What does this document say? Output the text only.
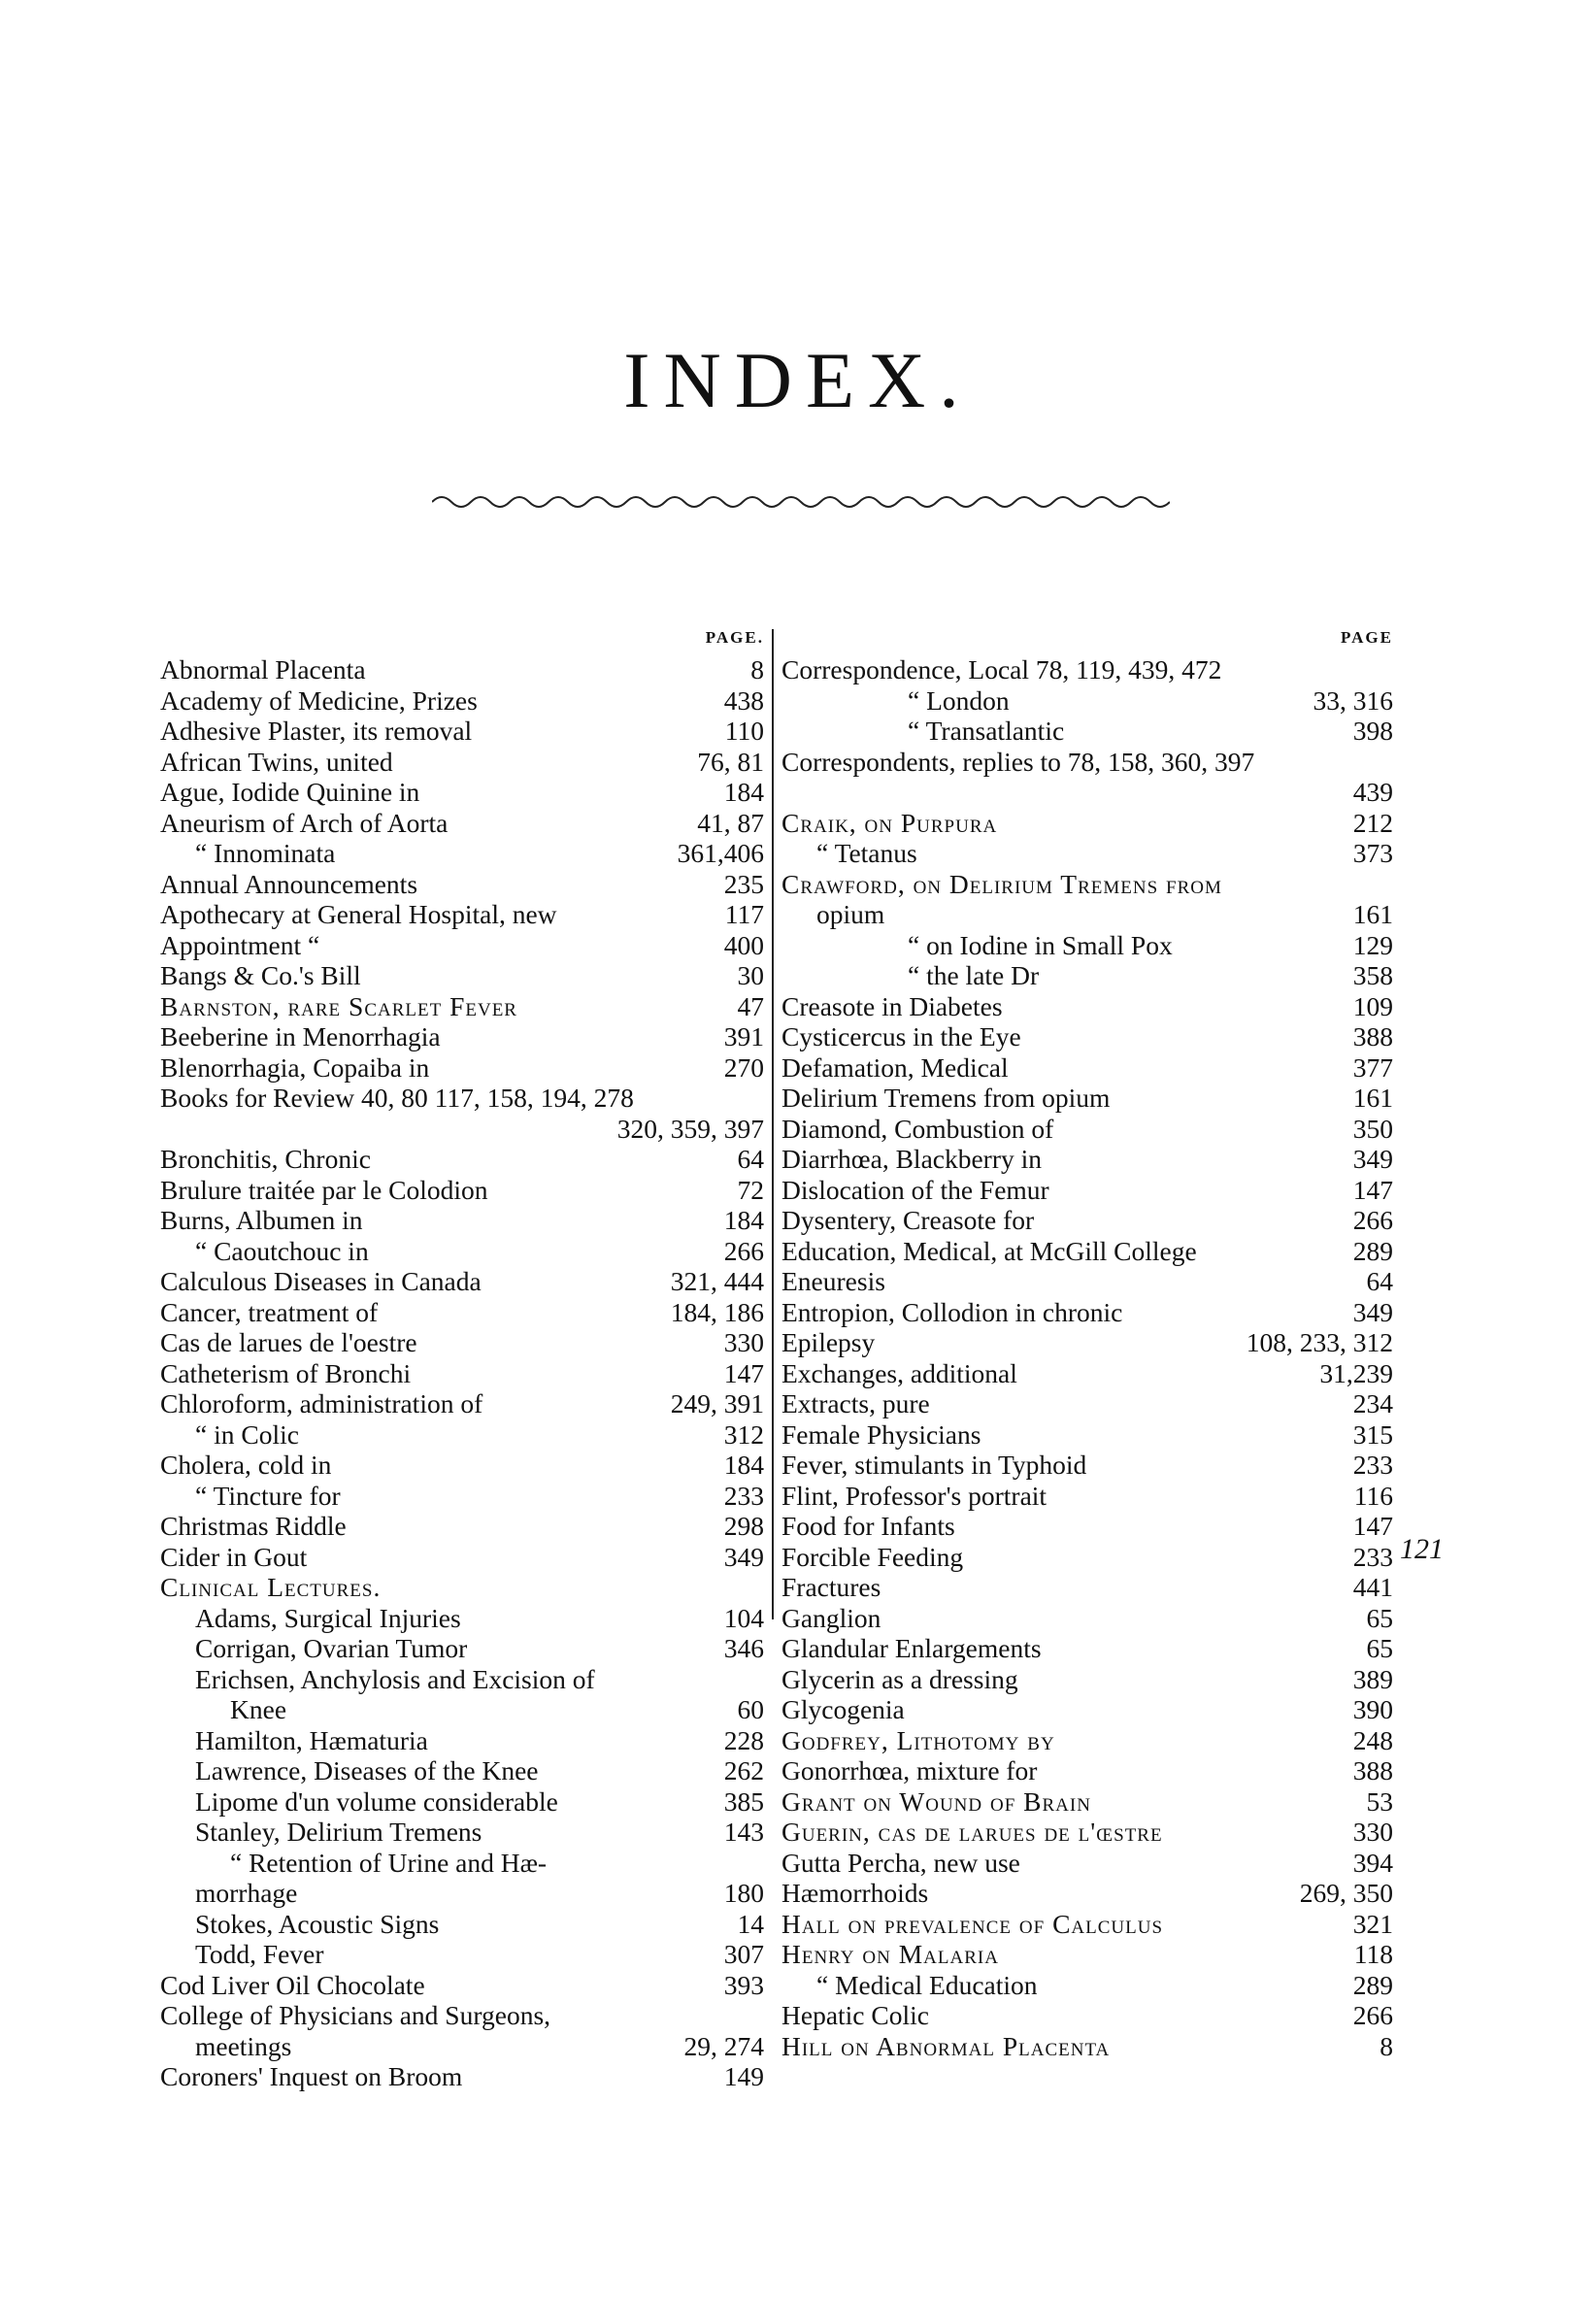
INDEX.
PAGE.
Abnormal Placenta	8
Academy of Medicine, Prizes	438
Adhesive Plaster, its removal	110
African Twins, united	76, 81
Ague, Iodide Quinine in	184
Aneurism of Arch of Aorta	41, 87
“ Innominata	361,406
Annual Announcements	235
Apothecary at General Hospital, new	117
Appointment “	400
Bangs & Co.'s Bill	30
Barnston, rare Scarlet Fever	47
Beeberine in Menorrhagia	391
Blenorrhagia, Copaiba in	270
Books for Review 40, 80 117, 158, 194, 278
320, 359, 397
Bronchitis, Chronic	64
Brulure traitée par le Colodion	72
Burns, Albumen in	184
“ Caoutchouc in	266
Calculous Diseases in Canada	321, 444
Cancer, treatment of	184, 186
Cas de larues de l'oestre	330
Catheterism of Bronchi	147
Chloroform, administration of	249, 391
“ in Colic	312
Cholera, cold in	184
“ Tincture for	233
Christmas Riddle	298
Cider in Gout	349
Clinical Lectures.
Adams, Surgical Injuries	104
Corrigan, Ovarian Tumor	346
Erichsen, Anchylosis and Excision of
Knee	60
Hamilton, Hæmaturia	228
Lawrence, Diseases of the Knee	262
Lipome d'un volume considerable	385
Stanley, Delirium Tremens	143
“ Retention of Urine and Hæ-
morrhage	180
Stokes, Acoustic Signs	14
Todd, Fever	307
Cod Liver Oil Chocolate	393
College of Physicians and Surgeons,
meetings	29, 274
Coroners' Inquest on Broom	149
PAGE
Correspondence, Local 78, 119, 439, 472
“ London	33, 316
“ Transatlantic	398
Correspondents, replies to 78, 158, 360, 397
439
Craik, on Purpura	212
“ Tetanus	373
Crawford, on Delirium Tremens from
opium	161
“ on Iodine in Small Pox	129
“ the late Dr	358
Creasote in Diabetes	109
Cysticercus in the Eye	388
Defamation, Medical	377
Delirium Tremens from opium	161
Diamond, Combustion of	350
Diarrhœa, Blackberry in	349
Dislocation of the Femur	147
Dysentery, Creasote for	266
Education, Medical, at McGill College	289
Eneuresis	64
Entropion, Collodion in chronic	349
Epilepsy	108, 233, 312
Exchanges, additional	31,239
Extracts, pure	234
Female Physicians	315
Fever, stimulants in Typhoid	233
Flint, Professor's portrait	116
Food for Infants	147
Forcible Feeding	233
Fractures	441
Ganglion	65
Glandular Enlargements	65
Glycerin as a dressing	389
Glycogenia	390
Godfrey, Lithotomy by	248
Gonorrhœa, mixture for	388
Grant on Wound of Brain	53
Guerin, cas de larues de l'œstre	330
Gutta Percha, new use	394
Hæmorrhoids	269, 350
Hall on prevalence of Calculus	321
Henry on Malaria	118
“ Medical Education	289
Hepatic Colic	266
Hill on Abnormal Placenta	8
121
